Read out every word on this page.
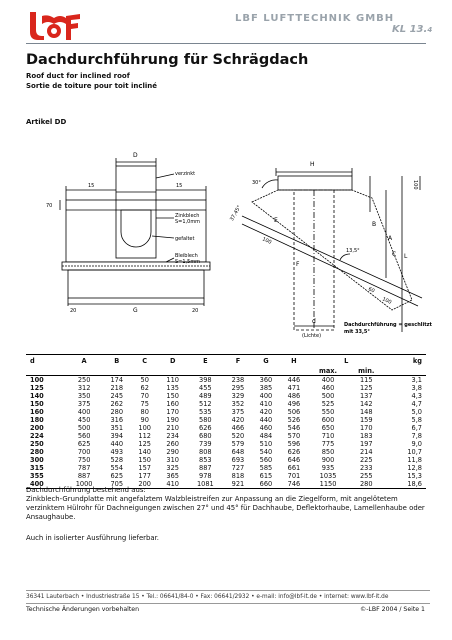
LBF LUFTTECHNIK GMBH
KL 13.4
Dachdurchführung für Schrägdach
Roof duct for inclined roof
Sortie de toiture pour toit incliné
Artikel DD
D
15	15
70
verzinkt
Zinkblech
S=1,0mm
gefaltet
Bleiblech
S=1,5mm
20	G	20
H
30°	100
37,45°	E
100
F
13,5°
B
A
C L
60
100
d
(Lichte)
Dachdurchführung = geschlitzt
mit 33,5°
d	A	B	C	D	E	F	G	H	L		kg
									max.	min.	
100	250	174	50	110	398	238	360	446	400	115	3,1
125	312	218	62	135	455	295	385	471	460	125	3,8
140	350	245	70	150	489	329	400	486	500	137	4,3
150	375	262	75	160	512	352	410	496	525	142	4,7
160	400	280	80	170	535	375	420	506	550	148	5,0
180	450	316	90	190	580	420	440	526	600	159	5,8
200	500	351	100	210	626	466	460	546	650	170	6,7
224	560	394	112	234	680	520	484	570	710	183	7,8
250	625	440	125	260	739	579	510	596	775	197	9,0
280	700	493	140	290	808	648	540	626	850	214	10,7
300	750	528	150	310	853	693	560	646	900	225	11,8
315	787	554	157	325	887	727	585	661	935	233	12,8
355	887	625	177	365	978	818	615	701	1035	255	15,3
400	1000	705	200	410	1081	921	660	746	1150	280	18,6
Dachdurchführung bestehend aus:
Zinkblech-Grundplatte mit angefalztem Walzbleistreifen zur Anpassung an die Ziegelform, mit angelötetem verzinktem Hülrohr für Dachneigungen zwischen 27° und 45° für Dachhaube, Deflektorhaube, Lamellenhaube oder Ansaughaube.
Auch in isolierter Ausführung lieferbar.
36341 Lauterbach • Industriestraße 15 • Tel.: 06641/84-0 • Fax: 06641/2932 • e-mail: info@lbf-it.de • internet: www.lbf-it.de
Technische Änderungen vorbehalten	©-LBF 2004 / Seite 1
